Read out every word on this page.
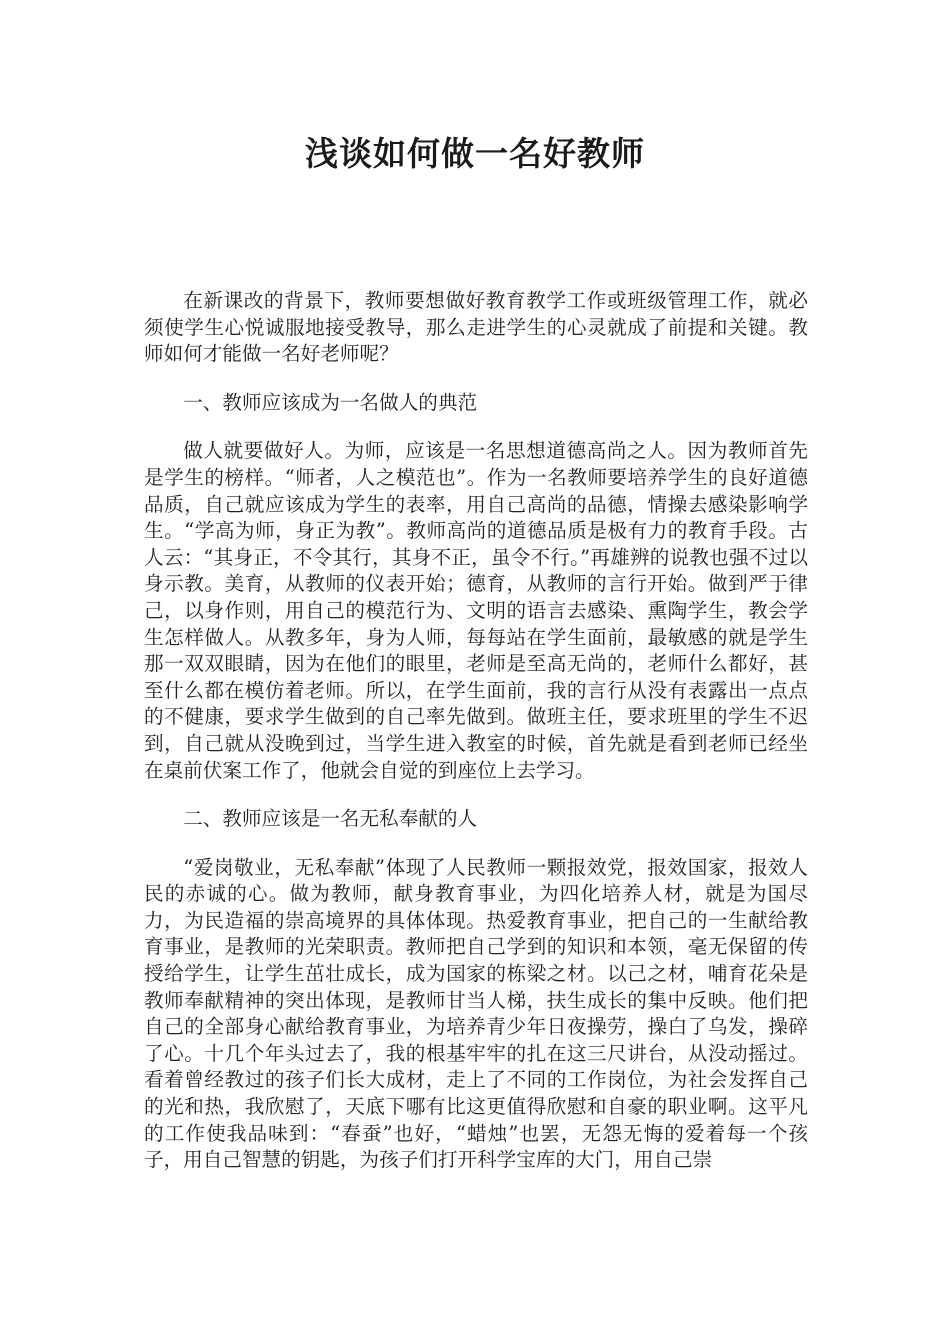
浅谈如何做一名好教师

在新课改的背景下，教师要想做好教育教学工作或班级管理工作，就必须使学生心悦诚服地接受教导，那么走进学生的心灵就成了前提和关键。教师如何才能做一名好老师呢？

一、教师应该成为一名做人的典范

做人就要做好人。为师，应该是一名思想道德高尚之人。因为教师首先是学生的榜样。“师者，人之模范也”。作为一名教师要培养学生的良好道德品质，自己就应该成为学生的表率，用自己高尚的品德，情操去感染影响学生。“学高为师，身正为教”。教师高尚的道德品质是极有力的教育手段。古人云：“其身正，不令其行，其身不正，虽令不行。”再雄辨的说教也强不过以身示教。美育，从教师的仪表开始；德育，从教师的言行开始。做到严于律己，以身作则，用自己的模范行为、文明的语言去感染、熏陶学生，教会学生怎样做人。从教多年，身为人师，每每站在学生面前，最敏感的就是学生那一双双眼睛，因为在他们的眼里，老师是至高无尚的，老师什么都好，甚至什么都在模仿着老师。所以，在学生面前，我的言行从没有表露出一点点的不健康，要求学生做到的自己率先做到。做班主任，要求班里的学生不迟到，自己就从没晚到过，当学生进入教室的时候，首先就是看到老师已经坐在桌前伏案工作了，他就会自觉的到座位上去学习。

二、教师应该是一名无私奉献的人

“爱岗敬业，无私奉献”体现了人民教师一颗报效党，报效国家，报效人民的赤诚的心。做为教师，献身教育事业，为四化培养人材，就是为国尽力，为民造福的崇高境界的具体体现。热爱教育事业，把自己的一生献给教育事业，是教师的光荣职责。教师把自己学到的知识和本领，毫无保留的传授给学生，让学生茁壮成长，成为国家的栋梁之材。以己之材，哺育花朵是教师奉献精神的突出体现，是教师甘当人梯，扶生成长的集中反映。他们把自己的全部身心献给教育事业，为培养青少年日夜操劳，操白了乌发，操碎了心。十几个年头过去了，我的根基牢牢的扎在这三尺讲台，从没动摇过。看着曾经教过的孩子们长大成材，走上了不同的工作岗位，为社会发挥自己的光和热，我欣慰了，天底下哪有比这更值得欣慰和自豪的职业啊。这平凡的工作使我品味到：“春蚕”也好，“蜡烛”也罢，无怨无悔的爱着每一个孩子，用自己智慧的钥匙，为孩子们打开科学宝库的大门，用自己崇
